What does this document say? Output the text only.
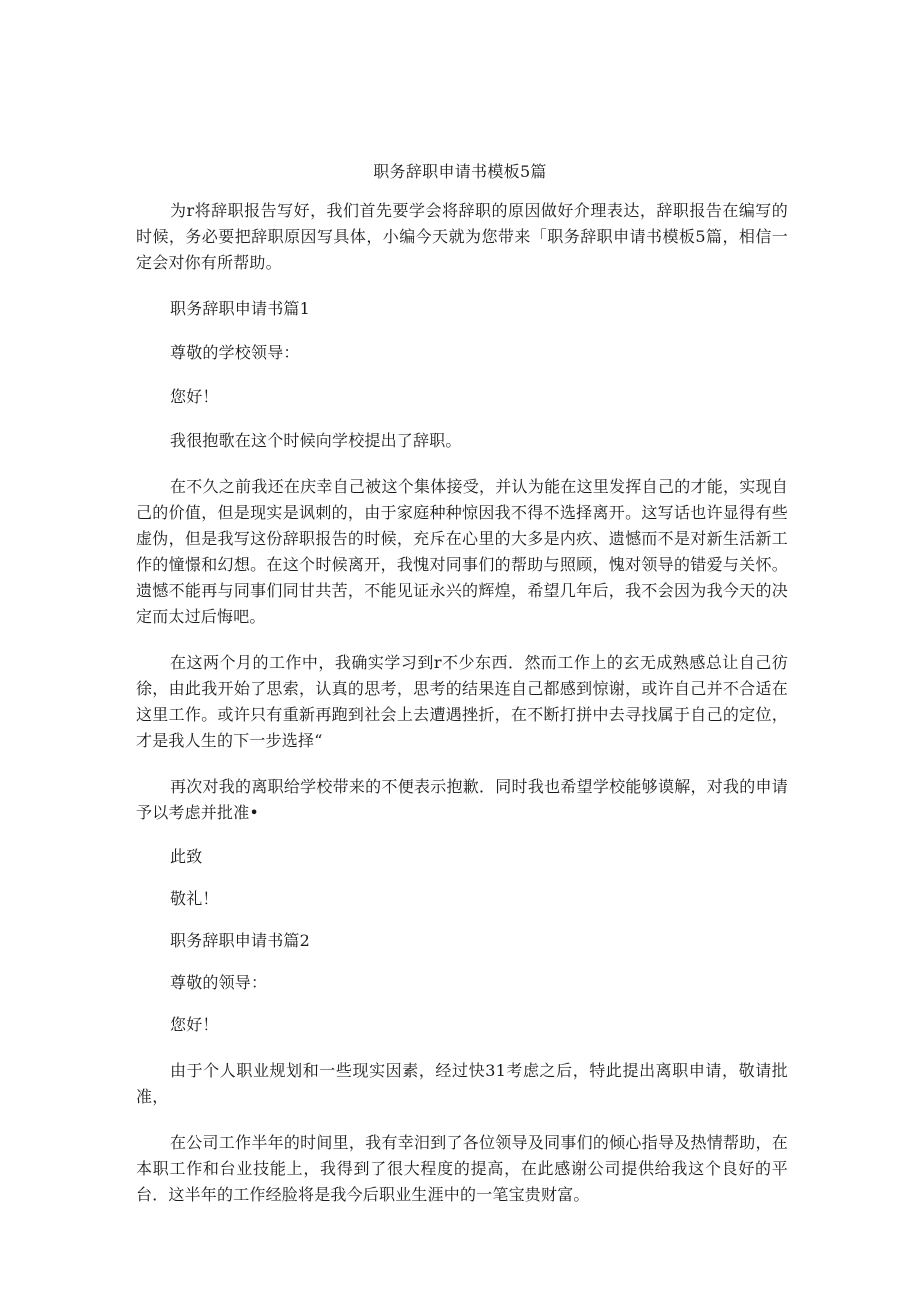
职务辞职申请书模板5篇

为r将辞职报告写好，我们首先要学会将辞职的原因做好介理表达，辞职报告在编写的时候，务必要把辞职原因写具体，小编今天就为您带来「职务辞职申请书模板5篇，相信一定会对你有所帮助。

职务辞职申请书篇1

尊敬的学校领导：

您好！

我很抱歌在这个时候向学校提出了辞职。

在不久之前我还在庆幸自己被这个集体接受，并认为能在这里发挥自己的才能，实现自己的价值，但是现实是讽刺的，由于家庭种种惊因我不得不选择离开。这写话也许显得有些虚伪，但是我写这份辞职报告的时候，充斥在心里的大多是内疚、遗憾而不是对新生活新工作的憧憬和幻想。在这个时候离开，我愧对同事们的帮助与照顾，愧对领导的错爱与关怀。遗憾不能再与同事们同甘共苦，不能见证永兴的辉煌，希望几年后，我不会因为我今天的决定而太过后悔吧。

在这两个月的工作中，我确实学习到r不少东西．然而工作上的玄无成熟感总让自己彷徐，由此我开始了思索，认真的思考，思考的结果连自己都感到惊谢，或许自己并不合适在这里工作。或许只有重新再跑到社会上去遭遇挫折，在不断打拼中去寻找属于自己的定位，才是我人生的下一步选择“

再次对我的离职给学校带来的不便表示抱歉．同时我也希望学校能够谟解，对我的申请予以考虑并批准•

此致

敬礼！

职务辞职申请书篇2

尊敬的领导：

您好！

由于个人职业规划和一些现实因素，经过快31考虑之后，特此提出离职申请，敬请批准，

在公司工作半年的时间里，我有幸汨到了各位领导及同事们的倾心指导及热情帮助，在本职工作和台业技能上，我得到了很大程度的提高，在此感谢公司提供给我这个良好的平台．这半年的工作经脸将是我今后职业生涯中的一笔宝贵财富。
